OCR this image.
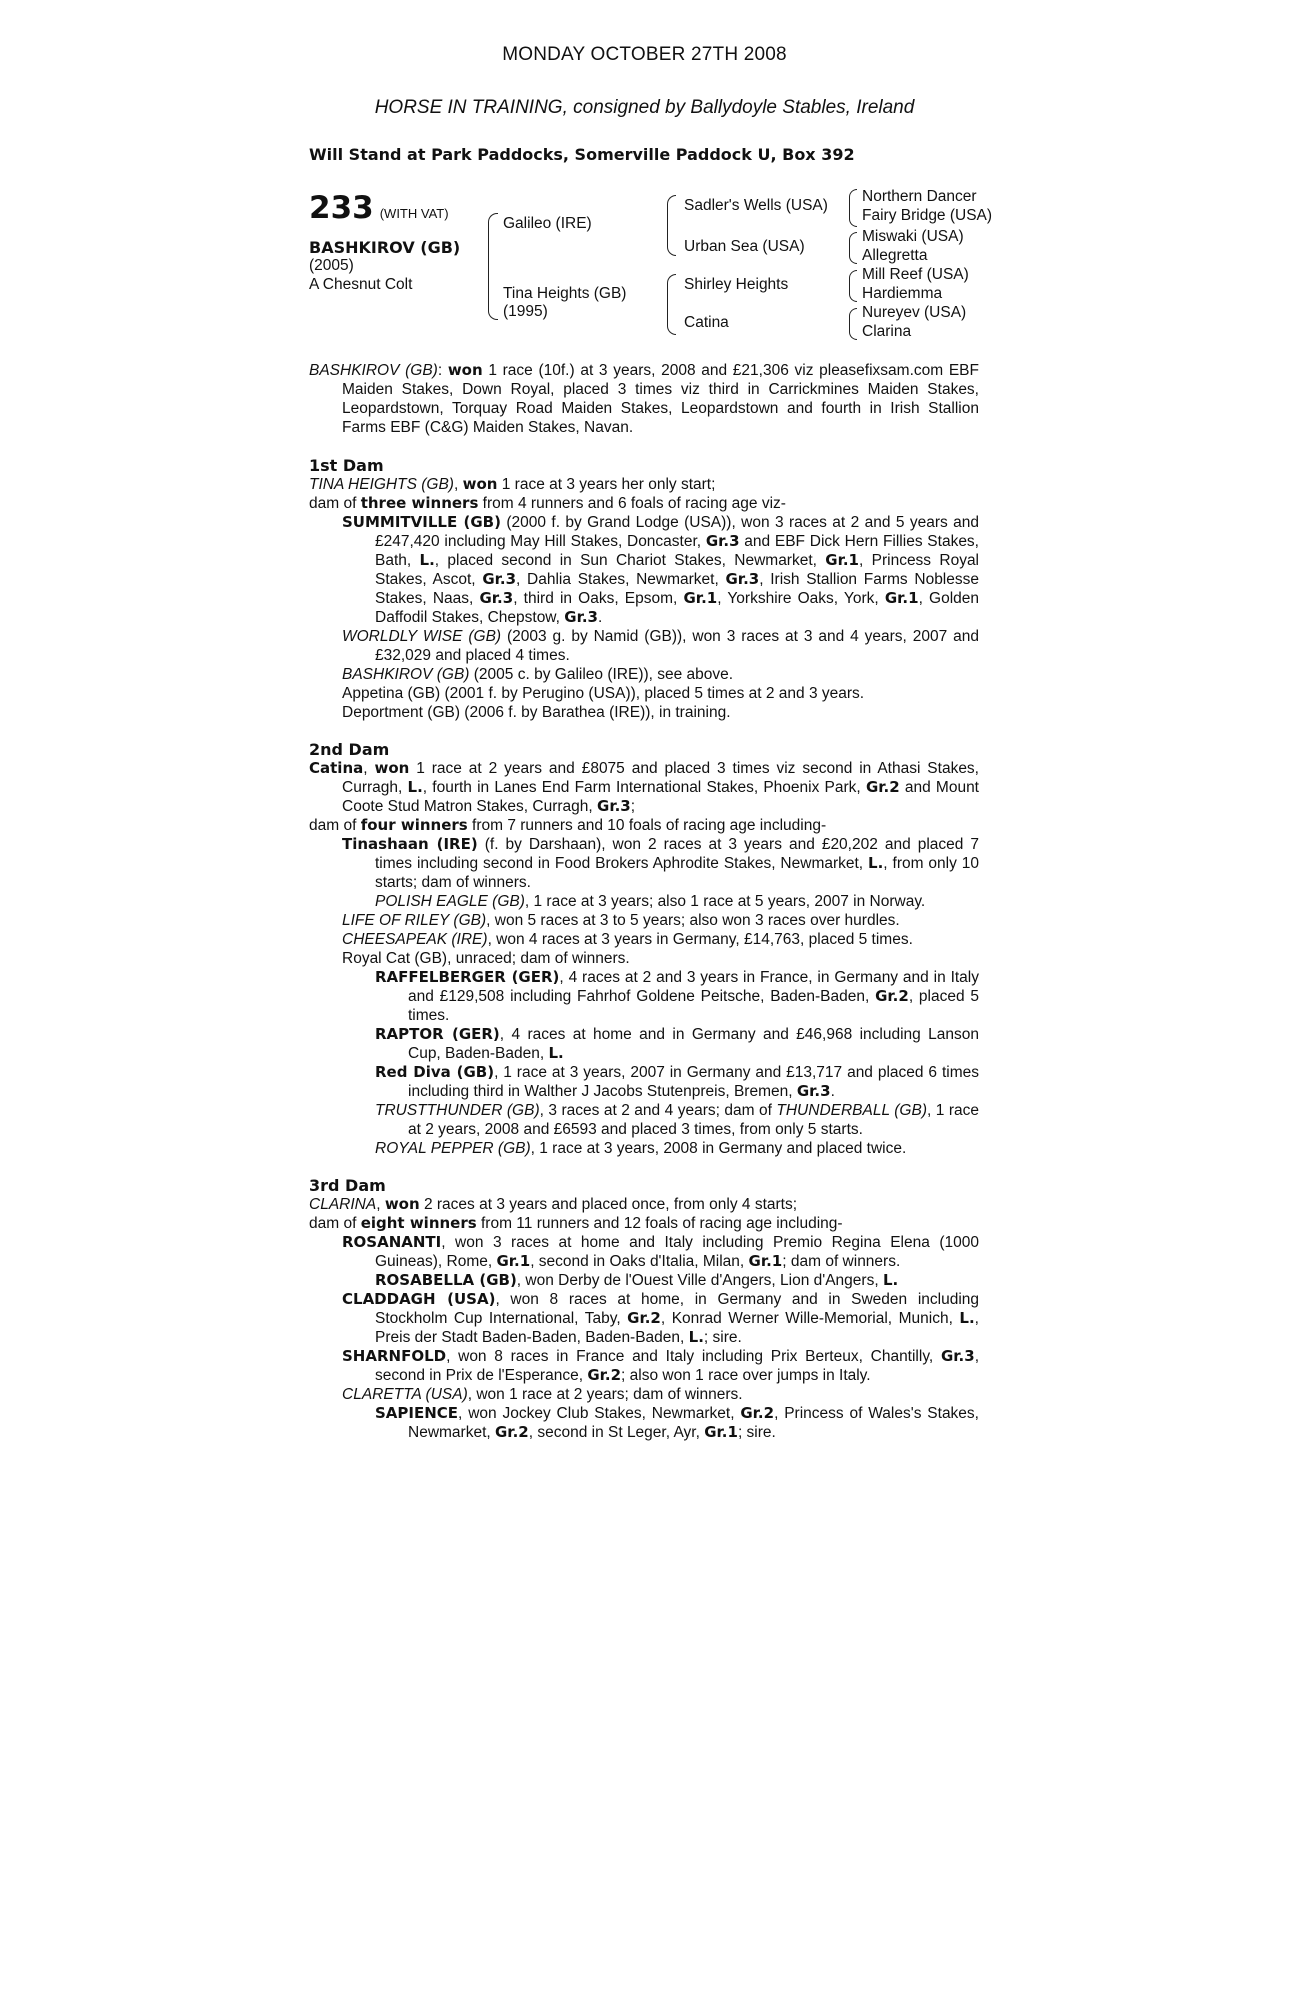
MONDAY OCTOBER 27TH 2008
HORSE IN TRAINING, consigned by Ballydoyle Stables, Ireland
Will Stand at Park Paddocks, Somerville Paddock U, Box 392
233 (WITH VAT)
BASHKIROV (GB)
(2005)
A Chesnut Colt
Galileo (IRE)
Tina Heights (GB)
(1995)
Sadler's Wells (USA)
Urban Sea (USA)
Shirley Heights
Catina
Northern Dancer
Fairy Bridge (USA)
Miswaki (USA)
Allegretta
Mill Reef (USA)
Hardiemma
Nureyev (USA)
Clarina

BASHKIROV (GB): won 1 race (10f.) at 3 years, 2008 and £21,306 viz pleasefixsam.com EBF Maiden Stakes, Down Royal, placed 3 times viz third in Carrickmines Maiden Stakes, Leopardstown, Torquay Road Maiden Stakes, Leopardstown and fourth in Irish Stallion Farms EBF (C&G) Maiden Stakes, Navan.

1st Dam

TINA HEIGHTS (GB), won 1 race at 3 years her only start;

dam of three winners from 4 runners and 6 foals of racing age viz-

SUMMITVILLE (GB) (2000 f. by Grand Lodge (USA)), won 3 races at 2 and 5 years and £247,420 including May Hill Stakes, Doncaster, Gr.3 and EBF Dick Hern Fillies Stakes, Bath, L., placed second in Sun Chariot Stakes, Newmarket, Gr.1, Princess Royal Stakes, Ascot, Gr.3, Dahlia Stakes, Newmarket, Gr.3, Irish Stallion Farms Noblesse Stakes, Naas, Gr.3, third in Oaks, Epsom, Gr.1, Yorkshire Oaks, York, Gr.1, Golden Daffodil Stakes, Chepstow, Gr.3.

WORLDLY WISE (GB) (2003 g. by Namid (GB)), won 3 races at 3 and 4 years, 2007 and £32,029 and placed 4 times.

BASHKIROV (GB) (2005 c. by Galileo (IRE)), see above.

Appetina (GB) (2001 f. by Perugino (USA)), placed 5 times at 2 and 3 years.

Deportment (GB) (2006 f. by Barathea (IRE)), in training.

2nd Dam

Catina, won 1 race at 2 years and £8075 and placed 3 times viz second in Athasi Stakes, Curragh, L., fourth in Lanes End Farm International Stakes, Phoenix Park, Gr.2 and Mount Coote Stud Matron Stakes, Curragh, Gr.3;

dam of four winners from 7 runners and 10 foals of racing age including-

Tinashaan (IRE) (f. by Darshaan), won 2 races at 3 years and £20,202 and placed 7 times including second in Food Brokers Aphrodite Stakes, Newmarket, L., from only 10 starts; dam of winners.

POLISH EAGLE (GB), 1 race at 3 years; also 1 race at 5 years, 2007 in Norway.

LIFE OF RILEY (GB), won 5 races at 3 to 5 years; also won 3 races over hurdles.

CHEESAPEAK (IRE), won 4 races at 3 years in Germany, £14,763, placed 5 times.

Royal Cat (GB), unraced; dam of winners.

RAFFELBERGER (GER), 4 races at 2 and 3 years in France, in Germany and in Italy and £129,508 including Fahrhof Goldene Peitsche, Baden-Baden, Gr.2, placed 5 times.

RAPTOR (GER), 4 races at home and in Germany and £46,968 including Lanson Cup, Baden-Baden, L.

Red Diva (GB), 1 race at 3 years, 2007 in Germany and £13,717 and placed 6 times including third in Walther J Jacobs Stutenpreis, Bremen, Gr.3.

TRUSTTHUNDER (GB), 3 races at 2 and 4 years; dam of THUNDERBALL (GB), 1 race at 2 years, 2008 and £6593 and placed 3 times, from only 5 starts.

ROYAL PEPPER (GB), 1 race at 3 years, 2008 in Germany and placed twice.

3rd Dam

CLARINA, won 2 races at 3 years and placed once, from only 4 starts;

dam of eight winners from 11 runners and 12 foals of racing age including-

ROSANANTI, won 3 races at home and Italy including Premio Regina Elena (1000 Guineas), Rome, Gr.1, second in Oaks d'Italia, Milan, Gr.1; dam of winners.

ROSABELLA (GB), won Derby de l'Ouest Ville d'Angers, Lion d'Angers, L.

CLADDAGH (USA), won 8 races at home, in Germany and in Sweden including Stockholm Cup International, Taby, Gr.2, Konrad Werner Wille-Memorial, Munich, L., Preis der Stadt Baden-Baden, Baden-Baden, L.; sire.

SHARNFOLD, won 8 races in France and Italy including Prix Berteux, Chantilly, Gr.3, second in Prix de l'Esperance, Gr.2; also won 1 race over jumps in Italy.

CLARETTA (USA), won 1 race at 2 years; dam of winners.

SAPIENCE, won Jockey Club Stakes, Newmarket, Gr.2, Princess of Wales's Stakes, Newmarket, Gr.2, second in St Leger, Ayr, Gr.1; sire.
